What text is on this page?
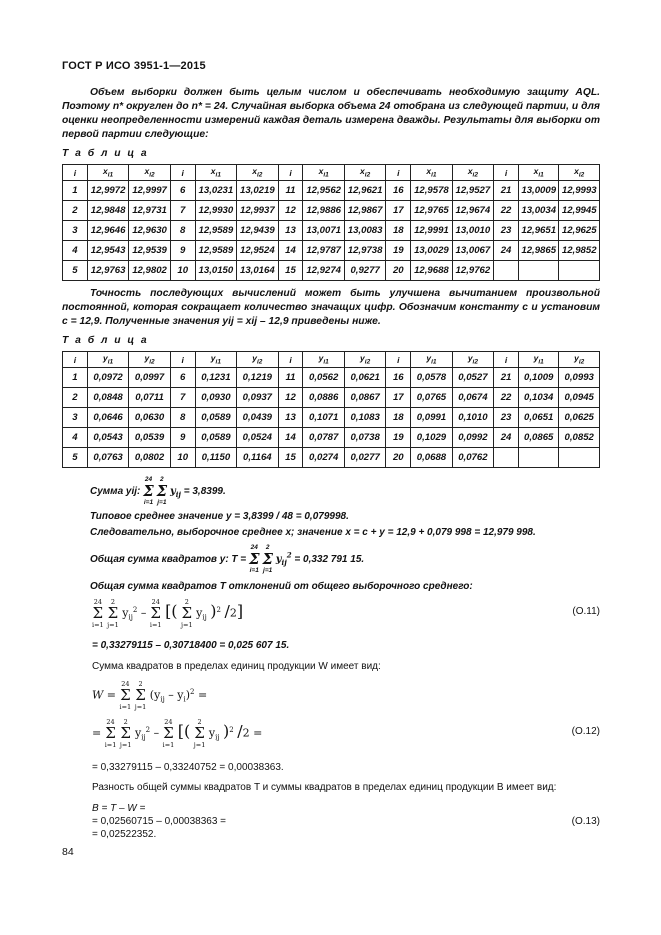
ГОСТ Р ИСО 3951-1—2015

Объем выборки должен быть целым числом и обеспечивать необходимую защиту AQL. Поэтому n* округлен до n* = 24. Случайная выборка объема 24 отобрана из следующей партии, и для оценки неопределенности измерений каждая деталь измерена дважды. Результаты для выборки от первой партии следующие:

Т а б л и ц а
i	$x_{i1}$	$x_{i2}$	i	$x_{i1}$	$x_{i2}$	i	$x_{i1}$	$x_{i2}$	i	$x_{i1}$	$x_{i2}$	i	$x_{i1}$	$x_{i2}$
1	12,9972	12,9997	6	13,0231	13,0219	11	12,9562	12,9621	16	12,9578	12,9527	21	13,0009	12,9993
2	12,9848	12,9731	7	12,9930	12,9937	12	12,9886	12,9867	17	12,9765	12,9674	22	13,0034	12,9945
3	12,9646	12,9630	8	12,9589	12,9439	13	13,0071	13,0083	18	12,9991	13,0010	23	12,9651	12,9625
4	12,9543	12,9539	9	12,9589	12,9524	14	12,9787	12,9738	19	13,0029	13,0067	24	12,9865	12,9852
5	12,9763	12,9802	10	13,0150	13,0164	15	12,9274	0,9277	20	12,9688	12,9762			

Точность последующих вычислений может быть улучшена вычитанием произвольной постоянной, которая сокращает количество значащих цифр. Обозначим константу с и установим с = 12,9. Полученные значения yij = xij – 12,9 приведены ниже.

Т а б л и ц а
i	$y_{i1}$	$y_{i2}$	i	$y_{i1}$	$y_{i2}$	i	$y_{i1}$	$y_{i2}$	i	$y_{i1}$	$y_{i2}$	i	$y_{i1}$	$y_{i2}$
1	0,0972	0,0997	6	0,1231	0,1219	11	0,0562	0,0621	16	0,0578	0,0527	21	0,1009	0,0993
2	0,0848	0,0711	7	0,0930	0,0937	12	0,0886	0,0867	17	0,0765	0,0674	22	0,1034	0,0945
3	0,0646	0,0630	8	0,0589	0,0439	13	0,1071	0,1083	18	0,0991	0,1010	23	0,0651	0,0625
4	0,0543	0,0539	9	0,0589	0,0524	14	0,0787	0,0738	19	0,1029	0,0992	24	0,0865	0,0852
5	0,0763	0,0802	10	0,1150	0,1164	15	0,0274	0,0277	20	0,0688	0,0762			
Сумма yij:
24
Σ
i=1

2
Σ
j=1
$y_{ij} = 3,8399$.
Типовое среднее значение y = 3,8399 / 48 = 0,079998.
Следовательно, выборочное среднее x; значение x = c + y = 12,9 + 0,079 998 = 12,979 998.
Общая сумма квадратов y: T =
24
Σ
i=1

2
Σ
j=1
$y_{ij}^2 = 0,332$ 791 15.
Общая сумма квадратов T отклонений от общего выборочного среднего:
24
Σ
i=1

2
Σ
j=1
$y_{ij}^2$ –
24
Σ
i=1
[(	2
Σ
j=1
$y_{ij}$ )$^2$ /2]	(O.11)
= 0,33279115 – 0,30718400 = 0,025 607 15.
Сумма квадратов в пределах единиц продукции W имеет вид:
W =
24
Σ
i=1

2
Σ
j=1
$(y_{ij} - y_i)^2$ =
=
24
Σ
i=1

2
Σ
j=1
$y_{ij}^2$ –
24
Σ
i=1
[(	2
Σ
j=1
$y_{ij}$ )$^2$ /2 =	(O.12)
= 0,33279115 – 0,33240752 = 0,00038363.
Разность общей суммы квадратов T и суммы квадратов в пределах единиц продукции B имеет вид:
B = T – W =
= 0,02560715 – 0,00038363 =
= 0,02522352.
(O.13)
84
